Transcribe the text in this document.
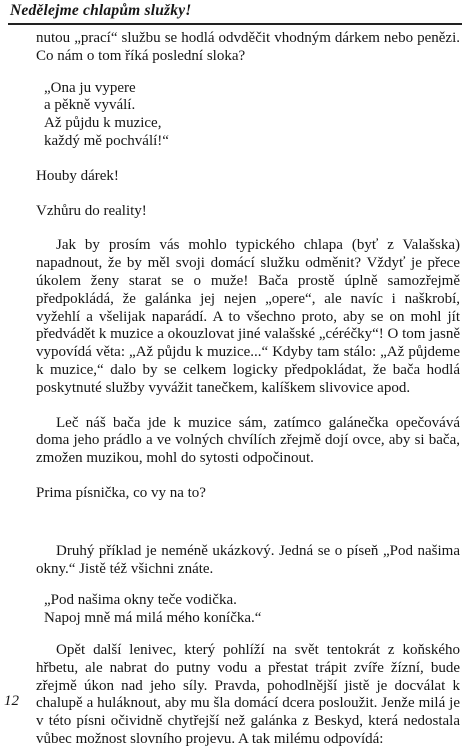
Nedělejme chlapům služky!

nutou „prací“ službu se hodlá odvděčit vhodným dárkem nebo penězi. Co nám o tom říká poslední sloka?

„Ona ju vypere

a pěkně vyválí.

Až půjdu k muzice,

každý mě pochválí!“

Houby dárek!

Vzhůru do reality!

Jak by prosím vás mohlo typického chlapa (byť z Valašska) napadnout, že by měl svoji domácí služku odměnit? Vždyť je přece úkolem ženy starat se o muže! Bača prostě úplně samozřejmě předpokládá, že galánka jej nejen „opere“, ale navíc i naškrobí, vyžehlí a všelijak naparádí. A to všechno proto, aby se on mohl jít předvádět k muzice a okouzlovat jiné valašské „céréčky“! O tom jasně vypovídá věta: „Až půjdu k muzice...“ Kdyby tam stálo: „Až půjdeme k muzice,“ dalo by se celkem logicky předpokládat, že bača hodlá poskytnuté služby vyvážit tanečkem, kalíškem slivovice apod.

Leč náš bača jde k muzice sám, zatímco galánečka opečovává doma jeho prádlo a ve volných chvílích zřejmě dojí ovce, aby si bača, zmožen muzikou, mohl do sytosti odpočinout.

Prima písnička, co vy na to?

Druhý příklad je neméně ukázkový. Jedná se o píseň „Pod našima okny.“ Jistě též všichni znáte.

„Pod našima okny teče vodička.

Napoj mně má milá mého koníčka.“

Opět další lenivec, který pohlíží na svět tentokrát z koňského hřbetu, ale nabrat do putny vodu a přestat trápit zvíře žízní, bude zřejmě úkon nad jeho síly. Pravda, pohodlnější jistě je docválat k chalupě a huláknout, aby mu šla domácí dcera posloužit. Jenže milá je v této písni očividně chytřejší než galánka z Beskyd, která nedostala vůbec možnost slovního projevu. A tak milému odpovídá:

12
